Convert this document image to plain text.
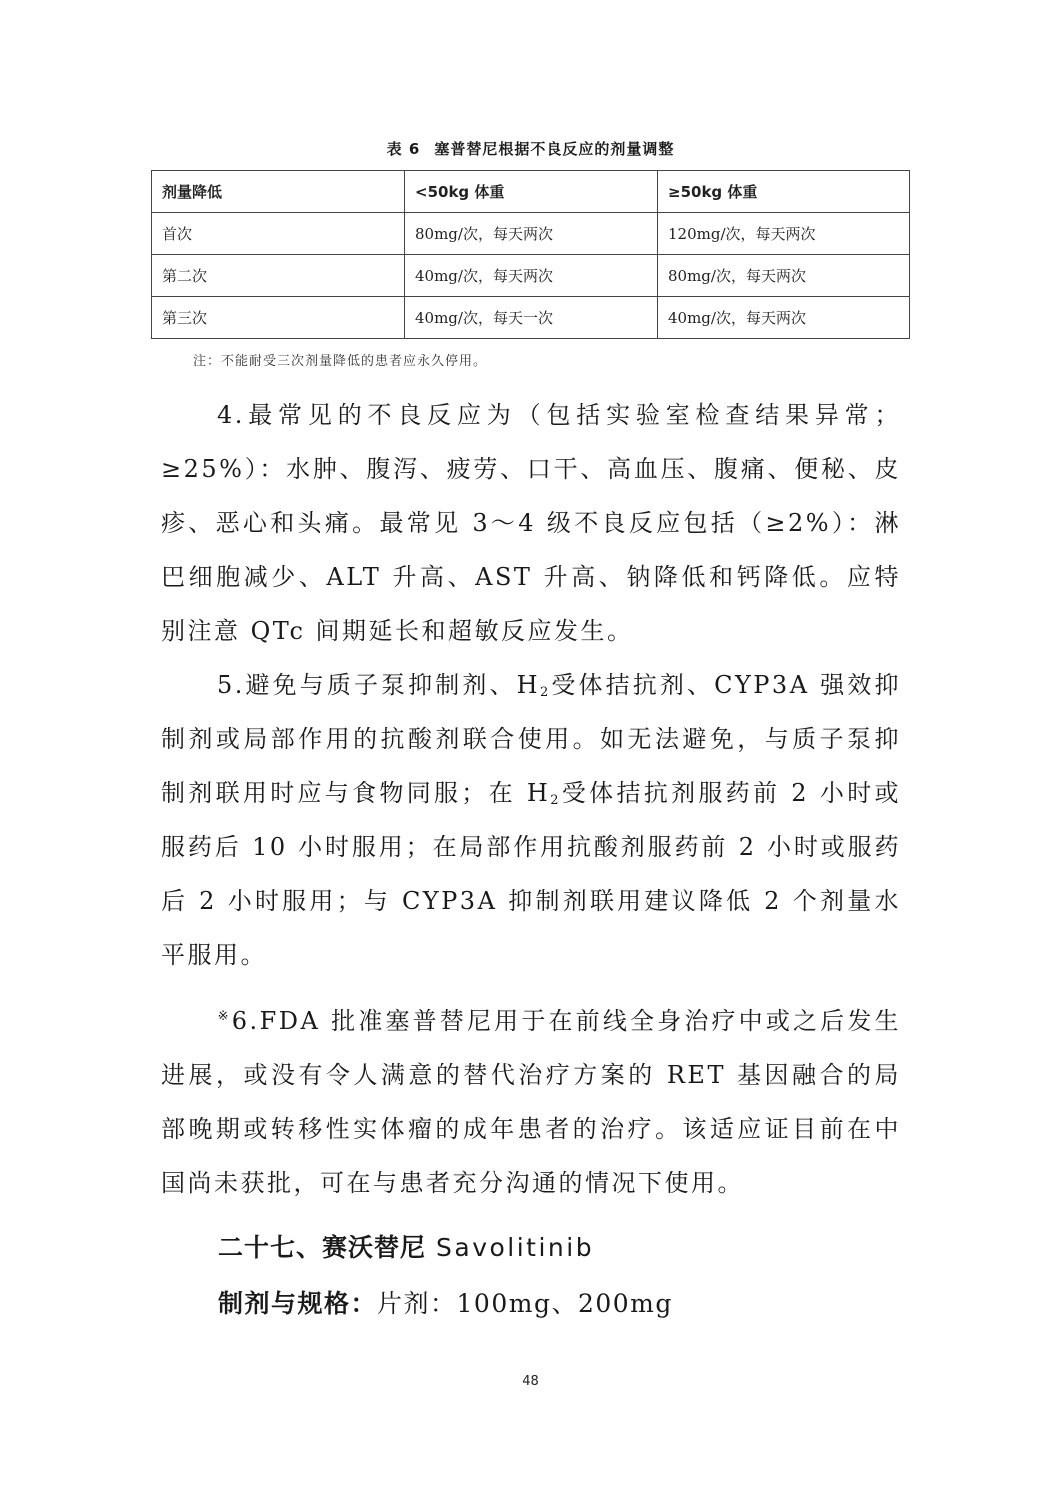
表 6 塞普替尼根据不良反应的剂量调整
剂量降低	<50kg 体重	≥50kg 体重
首次	80mg/次，每天两次	120mg/次，每天两次
第二次	40mg/次，每天两次	80mg/次，每天两次
第三次	40mg/次，每天一次	40mg/次，每天两次
注：不能耐受三次剂量降低的患者应永久停用。
4.最常见的不良反应为（包括实验室检查结果异常；≥25%）：水肿、腹泻、疲劳、口干、高血压、腹痛、便秘、皮疹、恶心和头痛。最常见 3～4 级不良反应包括（≥2%）：淋巴细胞减少、ALT 升高、AST 升高、钠降低和钙降低。应特别注意 QTc 间期延长和超敏反应发生。
5.避免与质子泵抑制剂、$H_2$受体拮抗剂、CYP3A 强效抑制剂或局部作用的抗酸剂联合使用。如无法避免，与质子泵抑制剂联用时应与食物同服；在 $H_2$受体拮抗剂服药前 2 小时或服药后 10 小时服用；在局部作用抗酸剂服药前 2 小时或服药后 2 小时服用；与 CYP3A 抑制剂联用建议降低 2 个剂量水平服用。
※6.FDA 批准塞普替尼用于在前线全身治疗中或之后发生进展，或没有令人满意的替代治疗方案的 RET 基因融合的局部晚期或转移性实体瘤的成年患者的治疗。该适应证目前在中国尚未获批，可在与患者充分沟通的情况下使用。
二十七、赛沃替尼 Savolitinib
制剂与规格：片剂：100mg、200mg
48
